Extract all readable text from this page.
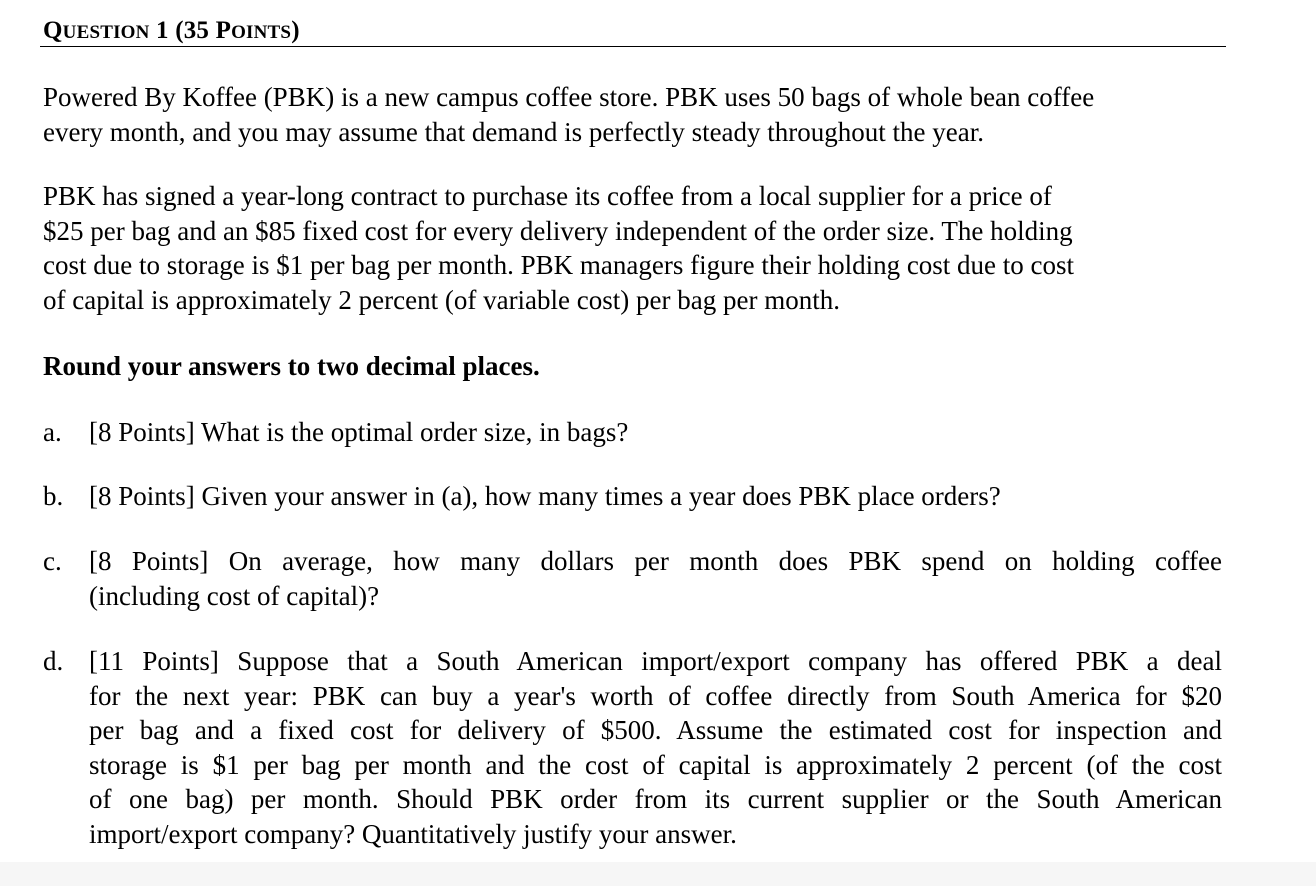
QUESTION 1 (35 POINTS)

Powered By Koffee (PBK) is a new campus coffee store. PBK uses 50 bags of whole bean coffee
every month, and you may assume that demand is perfectly steady throughout the year.

PBK has signed a year-long contract to purchase its coffee from a local supplier for a price of
$25 per bag and an $85 fixed cost for every delivery independent of the order size. The holding
cost due to storage is $1 per bag per month. PBK managers figure their holding cost due to cost
of capital is approximately 2 percent (of variable cost) per bag per month.

Round your answers to two decimal places.

a.	[8 Points] What is the optimal order size, in bags?
b. [8 Points] Given your answer in (a), how many times a year does PBK place orders?
c.	[8 Points] On average, how many dollars per month does PBK spend on holding coffee
(including cost of capital)?
d. [11 Points] Suppose that a South American import/export company has offered PBK a deal
for the next year: PBK can buy a year's worth of coffee directly from South America for $20
per bag and a fixed cost for delivery of $500. Assume the estimated cost for inspection and
storage is $1 per bag per month and the cost of capital is approximately 2 percent (of the cost
of one bag) per month. Should PBK order from its current supplier or the South American
import/export company? Quantitatively justify your answer.
